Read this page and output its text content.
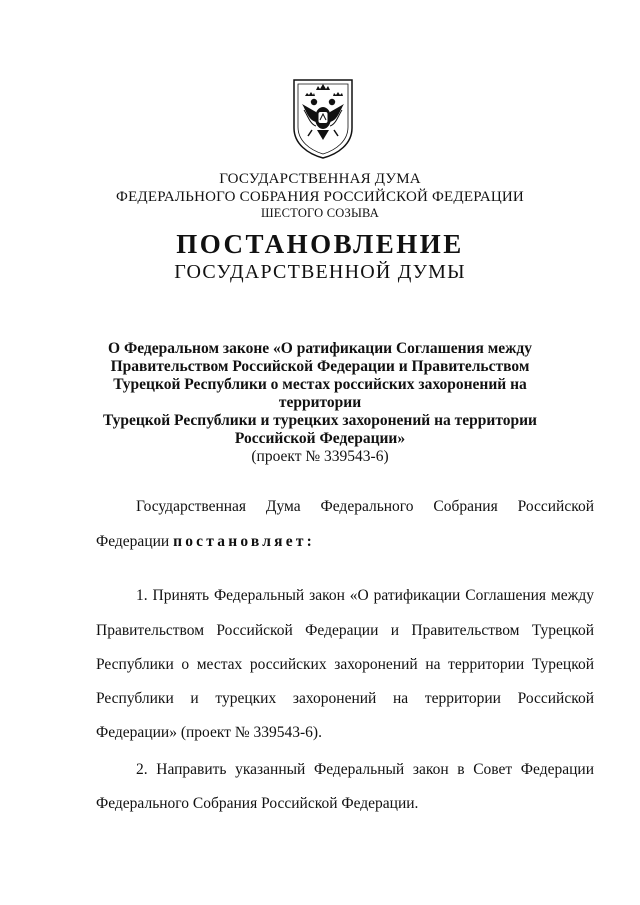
ГОСУДАРСТВЕННАЯ ДУМА
ФЕДЕРАЛЬНОГО СОБРАНИЯ РОССИЙСКОЙ ФЕДЕРАЦИИ
ШЕСТОГО СОЗЫВА
ПОСТАНОВЛЕНИЕ
ГОСУДАРСТВЕННОЙ ДУМЫ
О Федеральном законе «О ратификации Соглашения между
Правительством Российской Федерации и Правительством
Турецкой Республики о местах российских захоронений на территории
Турецкой Республики и турецких захоронений на территории
Российской Федерации»
(проект № 339543-6)
Государственная Дума Федерального Собрания Российской
Федерации постановляет:
1. Принять Федеральный закон «О ратификации Соглашения между
Правительством Российской Федерации и Правительством Турецкой
Республики о местах российских захоронений на территории Турецкой
Республики и турецких захоронений на территории Российской
Федерации» (проект № 339543-6).
2. Направить указанный Федеральный закон в Совет Федерации
Федерального Собрания Российской Федерации.
